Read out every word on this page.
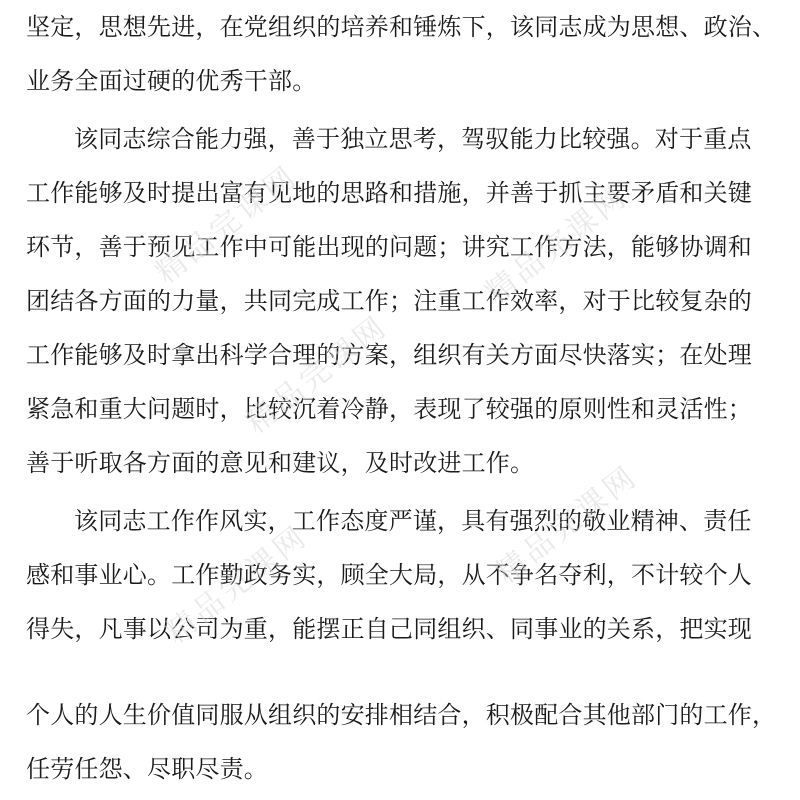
坚定，思想先进，在党组织的培养和锤炼下，该同志成为思想、政治、
业务全面过硬的优秀干部。
该同志综合能力强，善于独立思考，驾驭能力比较强。对于重点
工作能够及时提出富有见地的思路和措施，并善于抓主要矛盾和关键
环节，善于预见工作中可能出现的问题；讲究工作方法，能够协调和
团结各方面的力量，共同完成工作；注重工作效率，对于比较复杂的
工作能够及时拿出科学合理的方案，组织有关方面尽快落实；在处理
紧急和重大问题时，比较沉着冷静，表现了较强的原则性和灵活性；
善于听取各方面的意见和建议，及时改进工作。
该同志工作作风实，工作态度严谨，具有强烈的敬业精神、责任
感和事业心。工作勤政务实，顾全大局，从不争名夺利，不计较个人
得失，凡事以公司为重，能摆正自己同组织、同事业的关系，把实现
个人的人生价值同服从组织的安排相结合，积极配合其他部门的工作，
任劳任怨、尽职尽责。
精品完课网	精品完课网
精品完课网
精品完课网
精品完课网
